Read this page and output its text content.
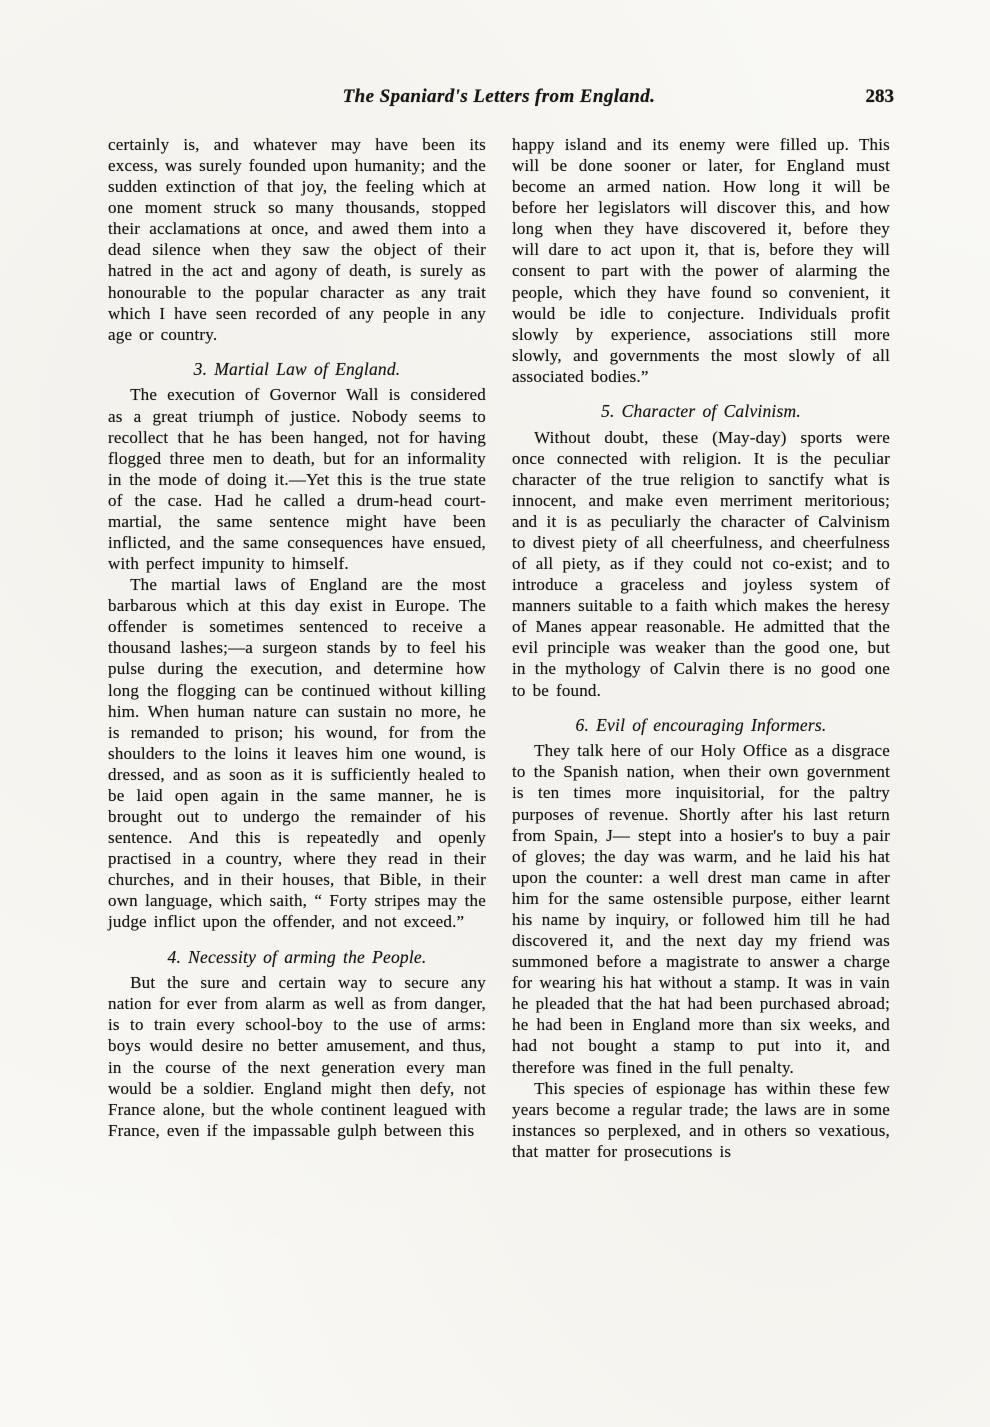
The Spaniard's Letters from England.	283

certainly is, and whatever may have been its excess, was surely founded upon humanity; and the sudden extinction of that joy, the feeling which at one moment struck so many thousands, stopped their acclamations at once, and awed them into a dead silence when they saw the object of their hatred in the act and agony of death, is surely as honourable to the popular character as any trait which I have seen recorded of any people in any age or country.

3. Martial Law of England.

The execution of Governor Wall is considered as a great triumph of justice. Nobody seems to recollect that he has been hanged, not for having flogged three men to death, but for an informality in the mode of doing it.—Yet this is the true state of the case. Had he called a drum-head court-martial, the same sentence might have been inflicted, and the same consequences have ensued, with perfect impunity to himself.

The martial laws of England are the most barbarous which at this day exist in Europe. The offender is sometimes sentenced to receive a thousand lashes;—a surgeon stands by to feel his pulse during the execution, and determine how long the flogging can be continued without killing him. When human nature can sustain no more, he is remanded to prison; his wound, for from the shoulders to the loins it leaves him one wound, is dressed, and as soon as it is sufficiently healed to be laid open again in the same manner, he is brought out to undergo the remainder of his sentence. And this is repeatedly and openly practised in a country, where they read in their churches, and in their houses, that Bible, in their own language, which saith, “ Forty stripes may the judge inflict upon the offender, and not exceed.”

4. Necessity of arming the People.

But the sure and certain way to secure any nation for ever from alarm as well as from danger, is to train every school-boy to the use of arms: boys would desire no better amusement, and thus, in the course of the next generation every man would be a soldier. England might then defy, not France alone, but the whole continent leagued with France, even if the impassable gulph between this

happy island and its enemy were filled up. This will be done sooner or later, for England must become an armed nation. How long it will be before her legislators will discover this, and how long when they have discovered it, before they will dare to act upon it, that is, before they will consent to part with the power of alarming the people, which they have found so convenient, it would be idle to conjecture. Individuals profit slowly by experience, associations still more slowly, and governments the most slowly of all associated bodies.”

5. Character of Calvinism.

Without doubt, these (May-day) sports were once connected with religion. It is the peculiar character of the true religion to sanctify what is innocent, and make even merriment meritorious; and it is as peculiarly the character of Calvinism to divest piety of all cheerfulness, and cheerfulness of all piety, as if they could not co-exist; and to introduce a graceless and joyless system of manners suitable to a faith which makes the heresy of Manes appear reasonable. He admitted that the evil principle was weaker than the good one, but in the mythology of Calvin there is no good one to be found.

6. Evil of encouraging Informers.

They talk here of our Holy Office as a disgrace to the Spanish nation, when their own government is ten times more inquisitorial, for the paltry purposes of revenue. Shortly after his last return from Spain, J— stept into a hosier's to buy a pair of gloves; the day was warm, and he laid his hat upon the counter: a well drest man came in after him for the same ostensible purpose, either learnt his name by inquiry, or followed him till he had discovered it, and the next day my friend was summoned before a magistrate to answer a charge for wearing his hat without a stamp. It was in vain he pleaded that the hat had been purchased abroad; he had been in England more than six weeks, and had not bought a stamp to put into it, and therefore was fined in the full penalty.

This species of espionage has within these few years become a regular trade; the laws are in some instances so perplexed, and in others so vexatious, that matter for prosecutions is
